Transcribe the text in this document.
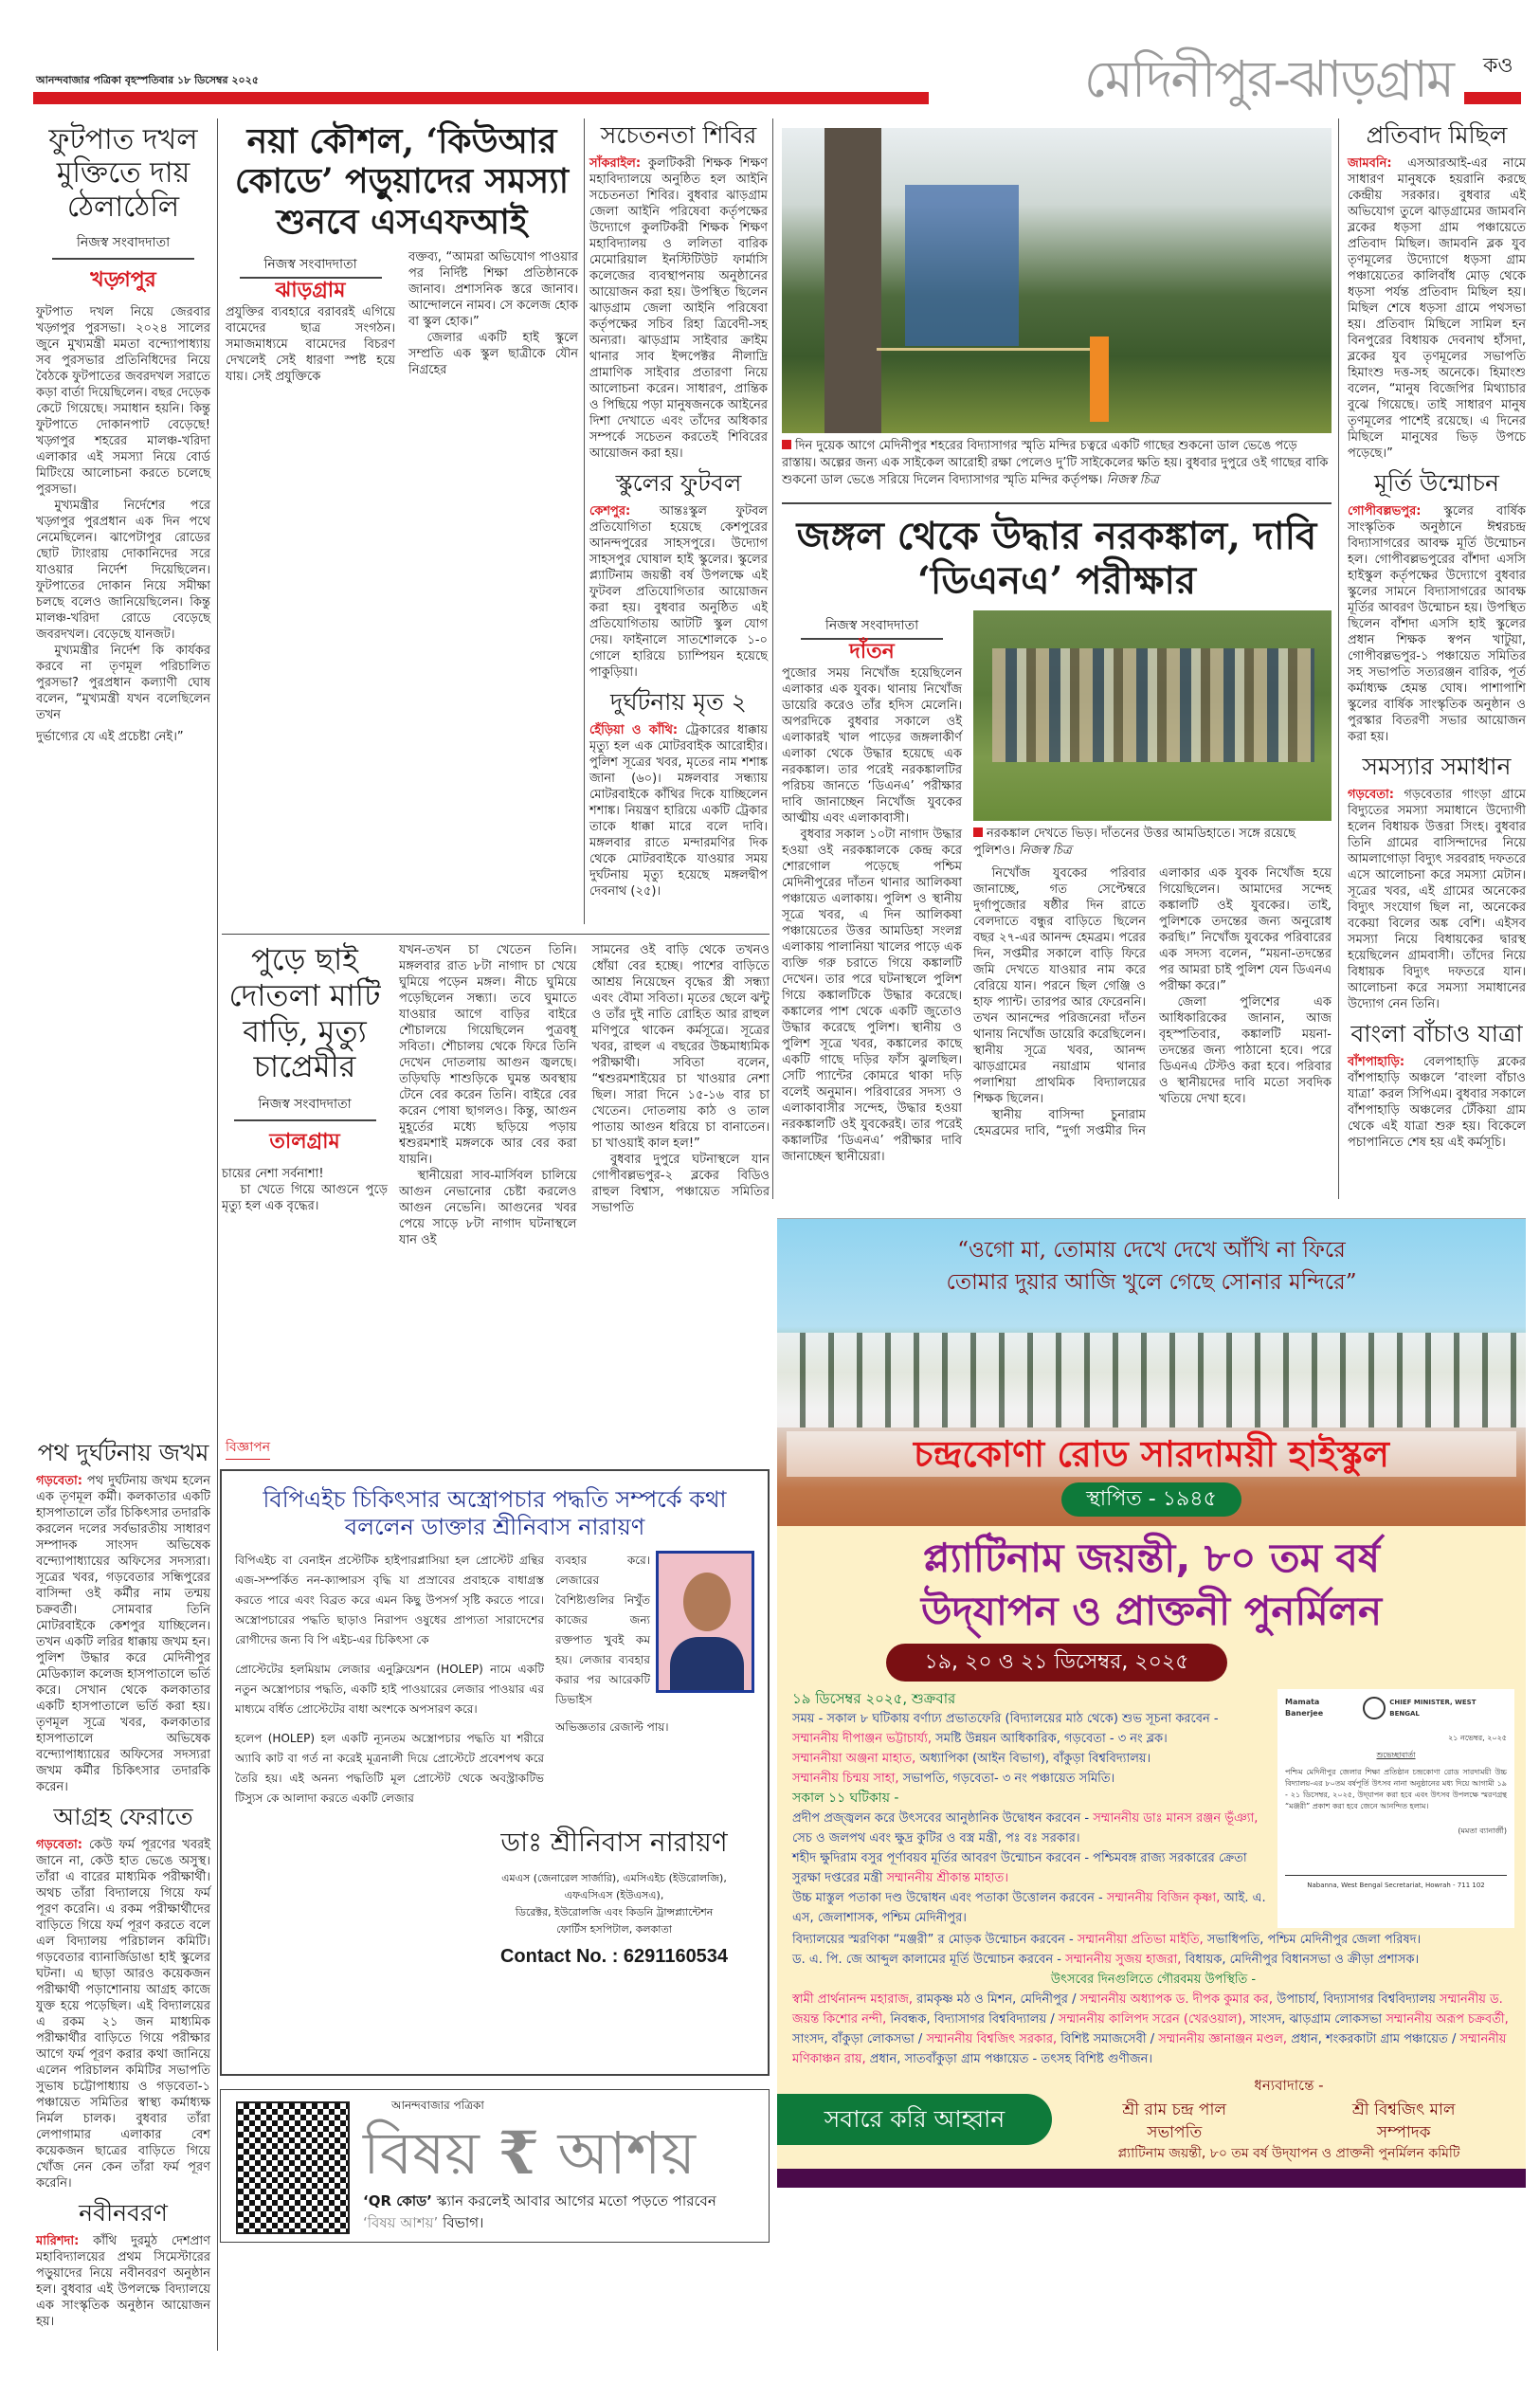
আনন্দবাজার পত্রিকা বৃহস্পতিবার ১৮ ডিসেম্বর ২০২৫	মেদিনীপুর-ঝাড়গ্রাম কও
ফুটপাত দখল মুক্তিতে দায় ঠেলাঠেলি
নিজস্ব সংবাদদাতা
খড়্গপুর

ফুটপাত দখল নিয়ে জেরবার খড়্গপুর পুরসভা। ২০২৪ সালের জুনে মুখ্যমন্ত্রী মমতা বন্দ্যোপাধ্যায় সব পুরসভার প্রতিনিধিদের নিয়ে বৈঠকে ফুটপাতের জবরদখল সরাতে কড়া বার্তা দিয়েছিলেন। বছর দেড়েক কেটে গিয়েছে। সমাধান হয়নি। কিন্তু ফুটপাতে দোকানপাট বেড়েছে! খড়্গপুর শহরের মালঞ্চ-খরিদা এলাকার এই সমস্যা নিয়ে বোর্ড মিটিংয়ে আলোচনা করতে চলেছে পুরসভা।

মুখ্যমন্ত্রীর নির্দেশের পরে খড়্গপুর পুরপ্রধান এক দিন পথে নেমেছিলেন। ঝাপেটাপুর রোডের ছোট ট্যাংরায় দোকানিদের সরে যাওয়ার নির্দেশ দিয়েছিলেন। ফুটপাতের দোকান নিয়ে সমীক্ষা চলছে বলেও জানিয়েছিলেন। কিন্তু মালঞ্চ-খরিদা রোডে বেড়েছে জবরদখল। বেড়েছে যানজট।

মুখ্যমন্ত্রীর নির্দেশ কি কার্যকর করবে না তৃণমূল পরিচালিত পুরসভা? পুরপ্রধান কল্যাণী ঘোষ বলেন, “মুখ্যমন্ত্রী যখন বলেছিলেন তখন

দুর্ভাগ্যের যে এই প্রচেষ্টা নেই।”

পথ দুর্ঘটনায় জখম
গড়বেতা: পথ দুর্ঘটনায় জখম হলেন এক তৃণমূল কর্মী। কলকাতার একটি হাসপাতালে তাঁর চিকিৎসার তদারকি করলেন দলের সর্বভারতীয় সাধারণ সম্পাদক সাংসদ অভিষেক বন্দ্যোপাধ্যায়ের অফিসের সদস্যরা। সূত্রের খবর, গড়বেতার সন্ধিপুরের বাসিন্দা ওই কর্মীর নাম তন্ময় চক্রবর্তী। সোমবার তিনি মোটরবাইকে কেশপুর যাচ্ছিলেন। তখন একটি লরির ধাক্কায় জখম হন। পুলিশ উদ্ধার করে মেদিনীপুর মেডিক্যাল কলেজ হাসপাতালে ভর্তি করে। সেখান থেকে কলকাতার একটি হাসপাতালে ভর্তি করা হয়। তৃণমূল সূত্রে খবর, কলকাতার হাসপাতালে অভিষেক বন্দ্যোপাধ্যায়ের অফিসের সদস্যরা জখম কর্মীর চিকিৎসার তদারকি করেন।
আগ্রহ ফেরাতে
গড়বেতা: কেউ ফর্ম পূরণের খবরই জানে না, কেউ হাত ভেঙে অসুস্থ। তাঁরা এ বারের মাধ্যমিক পরীক্ষার্থী। অথচ তাঁরা বিদ্যালয়ে গিয়ে ফর্ম পূরণ করেনি। এ রকম পরীক্ষার্থীদের বাড়িতে গিয়ে ফর্ম পূরণ করতে বলে এল বিদ্যালয় পরিচালন কমিটি। গড়বেতার ব্যানার্জিডাঙা হাই স্কুলের ঘটনা। এ ছাড়া আরও কয়েকজন পরীক্ষার্থী পড়াশোনায় আগ্রহ কাজে যুক্ত হয়ে পড়েছিল। এই বিদ্যালয়ের এ রকম ২১ জন মাধ্যমিক পরীক্ষার্থীর বাড়িতে গিয়ে পরীক্ষার আগে ফর্ম পূরণ করার কথা জানিয়ে এলেন পরিচালন কমিটির সভাপতি সুভাষ চট্টোপাধ্যায় ও গড়বেতা-১ পঞ্চায়েত সমিতির স্বাস্থ্য কর্মাধ্যক্ষ নির্মল চালক। বুধবার তাঁরা লেপাগামার এলাকার বেশ কয়েকজন ছাত্রের বাড়িতে গিয়ে খোঁজ নেন কেন তাঁরা ফর্ম পূরণ করেনি।
নবীনবরণ
মারিশদা: কাঁথি দুরমুঠ দেশপ্রাণ মহাবিদ্যালয়ের প্রথম সিমেস্টারের পড়ুয়াদের নিয়ে নবীনবরণ অনুষ্ঠান হল। বুধবার এই উপলক্ষে বিদ্যালয়ে এক সাংস্কৃতিক অনুষ্ঠান আয়োজন হয়।
নয়া কৌশল, ‘কিউআর কোডে’ পড়ুয়াদের সমস্যা শুনবে এসএফআই
নিজস্ব সংবাদদাতা
ঝাড়গ্রাম

প্রযুক্তির ব্যবহারে বরাবরই এগিয়ে বামেদের ছাত্র সংগঠন। সমাজমাধ্যমে বামেদের বিচরণ দেখলেই সেই ধারণা স্পষ্ট হয়ে যায়। সেই প্রযুক্তিকে

বক্তব্য, “আমরা অভিযোগ পাওয়ার পর নির্দিষ্ট শিক্ষা প্রতিষ্ঠানকে জানাব। প্রশাসনিক স্তরে জানাব। আন্দোলনে নামব। সে কলেজ হোক বা স্কুল হোক।”

জেলার একটি হাই স্কুলে সম্প্রতি এক স্কুল ছাত্রীকে যৌন নিগ্রহের

সচেতনতা শিবির
সাঁকরাইল: কুলটিকরী শিক্ষক শিক্ষণ মহাবিদ্যালয়ে অনুষ্ঠিত হল আইনি সচেতনতা শিবির। বুধবার ঝাড়গ্রাম জেলা আইনি পরিষেবা কর্তৃপক্ষের উদ্যোগে কুলটিকরী শিক্ষক শিক্ষণ মহাবিদ্যালয় ও ললিতা বারিক মেমোরিয়াল ইনস্টিটিউট ফার্মাসি কলেজের ব্যবস্থাপনায় অনুষ্ঠানের আয়োজন করা হয়। উপস্থিত ছিলেন ঝাড়গ্রাম জেলা আইনি পরিষেবা কর্তৃপক্ষের সচিব রিহা ত্রিবেদী-সহ অন্যরা। ঝাড়গ্রাম সাইবার ক্রাইম থানার সাব ইন্সপেক্টর নীলাদ্রি প্রামাণিক সাইবার প্রতারণা নিয়ে আলোচনা করেন। সাধারণ, প্রান্তিক ও পিছিয়ে পড়া মানুষজনকে আইনের দিশা দেখাতে এবং তাঁদের অধিকার সম্পর্কে সচেতন করতেই শিবিরের আয়োজন করা হয়।
স্কুলের ফুটবল
কেশপুর: আন্তঃস্কুল ফুটবল প্রতিযোগিতা হয়েছে কেশপুরের আনন্দপুরের সাহসপুরে। উদ্যোগ সাহসপুর ঘোষাল হাই স্কুলের। স্কুলের প্ল্যাটিনাম জয়ন্তী বর্ষ উপলক্ষে এই ফুটবল প্রতিযোগিতার আয়োজন করা হয়। বুধবার অনুষ্ঠিত এই প্রতিযোগিতায় আটটি স্কুল যোগ দেয়। ফাইনালে সাতশোলকে ১-০ গোলে হারিয়ে চ্যাম্পিয়ন হয়েছে পাকুড়িয়া।
দুর্ঘটনায় মৃত ২
হেঁড়িয়া ও কাঁথি: ট্রেকারের ধাক্কায় মৃত্যু হল এক মোটরবাইক আরোহীর। পুলিশ সূত্রের খবর, মৃতের নাম শশাঙ্ক জানা (৬০)। মঙ্গলবার সন্ধ্যায় মোটরবাইকে কাঁথির দিকে যাচ্ছিলেন শশাঙ্ক। নিয়ন্ত্রণ হারিয়ে একটি ট্রেকার তাকে ধাক্কা মারে বলে দাবি। মঙ্গলবার রাতে মন্দারমণির দিক থেকে মোটরবাইকে যাওয়ার সময় দুর্ঘটনায় মৃত্যু হয়েছে মঙ্গলদ্বীপ দেবনাথ (২৫)।
পুড়ে ছাই দোতলা মাটি বাড়ি, মৃত্যু চাপ্রেমীর
নিজস্ব সংবাদদাতা
তালগ্রাম

চায়ের নেশা সর্বনাশা!

চা খেতে গিয়ে আগুনে পুড়ে মৃত্যু হল এক বৃদ্ধের।

যখন-তখন চা খেতেন তিনি। মঙ্গলবার রাত ৮টা নাগাদ চা খেয়ে ঘুমিয়ে পড়েন মঙ্গল। নীচে ঘুমিয়ে পড়েছিলেন সন্ধ্যা। তবে ঘুমাতে যাওয়ার আগে বাড়ির বাইরে শৌচালয়ে গিয়েছিলেন পুত্রবধূ সবিতা। শৌচালয় থেকে ফিরে তিনি দেখেন দোতলায় আগুন জ্বলছে। তড়িঘড়ি শাশুড়িকে ঘুমন্ত অবস্থায় টেনে বের করেন তিনি। বাইরে বের করেন পোষা ছাগলও। কিন্তু, আগুন মুহূর্তের মধ্যে ছড়িয়ে পড়ায় শ্বশুরমশাই মঙ্গলকে আর বের করা যায়নি।

স্থানীয়েরা সাব-মার্সিবল চালিয়ে আগুন নেভানোর চেষ্টা করলেও আগুন নেভেনি। আগুনের খবর পেয়ে সাড়ে ৮টা নাগাদ ঘটনাস্থলে যান ওই

সামনের ওই বাড়ি থেকে তখনও ধোঁয়া বের হচ্ছে। পাশের বাড়িতে আশ্রয় নিয়েছেন বৃদ্ধের স্ত্রী সন্ধ্যা এবং বৌমা সবিতা। মৃতের ছেলে ঝন্টু ও তাঁর দুই নাতি রোহিত আর রাহুল মণিপুরে থাকেন কর্মসূত্রে। সূত্রের খবর, রাহুল এ বছরের উচ্চমাধ্যমিক পরীক্ষার্থী। সবিতা বলেন, “শ্বশুরমশাইয়ের চা খাওয়ার নেশা ছিল। সারা দিনে ১৫-১৬ বার চা খেতেন। দোতলায় কাঠ ও তাল পাতায় আগুন ধরিয়ে চা বানাতেন। চা খাওয়াই কাল হল!”

বুধবার দুপুরে ঘটনাস্থলে যান গোপীবল্লভপুর-২ ব্লকের বিডিও রাহুল বিশ্বাস, পঞ্চায়েত সমিতির সভাপতি

বিজ্ঞাপন
বিপিএইচ চিকিৎসার অস্ত্রোপচার পদ্ধতি সম্পর্কে কথা বললেন ডাক্তার শ্রীনিবাস নারায়ণ

বিপিএইচ বা বেনাইন প্রস্টেটিক হাইপারপ্লাসিয়া হল প্রোস্টেট গ্রন্থির এজ-সম্পর্কিত নন-ক্যান্সারস বৃদ্ধি যা প্রস্রাবের প্রবাহকে বাধাগ্রস্ত করতে পারে এবং বিব্রত করে এমন কিছু উপসর্গ সৃষ্টি করতে পারে। অস্ত্রোপচারের পদ্ধতি ছাড়াও নিরাপদ ওষুধের প্রাপ্যতা সারাদেশের রোগীদের জন্য বি পি এইচ-এর চিকিৎসা কে

প্রোস্টেটের হলমিয়াম লেজার এনুক্লিয়েশন (HOLEP) নামে একটি নতুন অস্ত্রোপচার পদ্ধতি, একটি হাই পাওয়ারের লেজার পাওয়ার এর মাধ্যমে বর্ধিত প্রোস্টেটের বাধা অংশকে অপসারণ করে।

হলেপ (HOLEP) হল একটি ন্যূনতম অস্ত্রোপচার পদ্ধতি যা শরীরে অ্যাবি কাট বা গর্ত না করেই মূত্রনালী দিয়ে প্রোস্টেটে প্রবেশপথ করে তৈরি হয়। এই অনন্য পদ্ধতিটি মূল প্রোস্টেট থেকে অবস্ট্রাকটিভ টিস্যুস কে আলাদা করতে একটি লেজার

ব্যবহার করে। লেজারের বৈশিষ্ট্যগুলির নিখুঁত কাজের জন্য রক্তপাত খুবই কম হয়। লেজার ব্যবহার করার পর আরেকটি ডিভাইস
অভিজ্ঞতার রেজাল্ট পায়।
ডাঃ শ্রীনিবাস নারায়ণ
এমএস (জেনারেল সার্জারি), এমসিএইচ (ইউরোলজি),
এফএসিএস (ইউএসএ),
ডিরেক্টর, ইউরোলজি এবং কিডনি ট্রান্সপ্ল্যান্টেশন
ফোর্টিস হসপিটাল, কলকাতা
Contact No. : 6291160534
আনন্দবাজার পত্রিকা
বিষয় ₹ আশয়
‘QR কোড’ স্ক্যান করলেই আবার আগের মতো পড়তে পারবেন ‘বিষয় আশয়’ বিভাগ।
দিন দুয়েক আগে মেদিনীপুর শহরের বিদ্যাসাগর স্মৃতি মন্দির চত্বরে একটি গাছের শুকনো ডাল ভেঙে পড়ে রাস্তায়। অল্পের জন্য এক সাইকেল আরোহী রক্ষা পেলেও দু’টি সাইকেলের ক্ষতি হয়। বুধবার দুপুরে ওই গাছের বাকি শুকনো ডাল ভেঙে সরিয়ে দিলেন বিদ্যাসাগর স্মৃতি মন্দির কর্তৃপক্ষ। নিজস্ব চিত্র
প্রতিবাদ মিছিল
জামবনি: এসআরআই-এর নামে সাধারণ মানুষকে হয়রানি করছে কেন্দ্রীয় সরকার। বুধবার এই অভিযোগ তুলে ঝাড়গ্রামের জামবনি ব্লকের ধড়সা গ্রাম পঞ্চায়েতে প্রতিবাদ মিছিল। জামবনি ব্লক যুব তৃণমূলের উদ্যোগে ধড়সা গ্রাম পঞ্চায়েতের কালিবাঁধ মোড় থেকে ধড়সা পর্যন্ত প্রতিবাদ মিছিল হয়। মিছিল শেষে ধড়সা গ্রামে পথসভা হয়। প্রতিবাদ মিছিলে সামিল হন বিনপুরের বিধায়ক দেবনাথ হাঁসদা, ব্লকের যুব তৃণমূলের সভাপতি হিমাংশু দত্ত-সহ অনেকে। হিমাংশু বলেন, “মানুষ বিজেপির মিথ্যাচার বুঝে গিয়েছে। তাই সাধারণ মানুষ তৃণমূলের পাশেই রয়েছে। এ দিনের মিছিলে মানুষের ভিড় উপচে পড়েছে।”
মূর্তি উন্মোচন
গোপীবল্লভপুর: স্কুলের বার্ষিক সাংস্কৃতিক অনুষ্ঠানে ঈশ্বরচন্দ্র বিদ্যাসাগরের আবক্ষ মূর্তি উন্মোচন হল। গোপীবল্লভপুরের বাঁশদা এসসি হাইস্কুল কর্তৃপক্ষের উদ্যোগে বুধবার স্কুলের সামনে বিদ্যাসাগরের আবক্ষ মূর্তির আবরণ উন্মোচন হয়। উপস্থিত ছিলেন বাঁশদা এসসি হাই স্কুলের প্রধান শিক্ষক স্বপন খাটুয়া, গোপীবল্লভপুর-১ পঞ্চায়েত সমিতির সহ সভাপতি সত্যরঞ্জন বারিক, পূর্ত কর্মাধ্যক্ষ হেমন্ত ঘোষ। পাশাপাশি স্কুলের বার্ষিক সাংস্কৃতিক অনুষ্ঠান ও পুরস্কার বিতরণী সভার আয়োজন করা হয়।
সমস্যার সমাধান
গড়বেতা: গড়বেতার গাংড়া গ্রামে বিদ্যুতের সমস্যা সমাধানে উদ্যোগী হলেন বিধায়ক উত্তরা সিংহ। বুধবার তিনি গ্রামের বাসিন্দাদের নিয়ে আমলাগোড়া বিদ্যুৎ সরবরাহ দফতরে এসে আলোচনা করে সমস্যা মেটান। সূত্রের খবর, এই গ্রামের অনেকের বিদ্যুৎ সংযোগ ছিল না, অনেকের বকেয়া বিলের অঙ্ক বেশি। এইসব সমস্যা নিয়ে বিধায়কের দ্বারস্থ হয়েছিলেন গ্রামবাসী। তাঁদের নিয়ে বিধায়ক বিদ্যুৎ দফতরে যান। আলোচনা করে সমস্যা সমাধানের উদ্যোগ নেন তিনি।
বাংলা বাঁচাও যাত্রা
বাঁশপাহাড়ি: বেলপাহাড়ি ব্লকের বাঁশপাহাড়ি অঞ্চলে ‘বাংলা বাঁচাও যাত্রা’ করল সিপিএম। বুধবার সকালে বাঁশপাহাড়ি অঞ্চলের টেঁকিয়া গ্রাম থেকে এই যাত্রা শুরু হয়। বিকেলে পচাপানিতে শেষ হয় এই কর্মসূচি।
জঙ্গল থেকে উদ্ধার নরকঙ্কাল, দাবি ‘ডিএনএ’ পরীক্ষার
নিজস্ব সংবাদদাতা
দাঁতন

পুজোর সময় নিখোঁজ হয়েছিলেন এলাকার এক যুবক। থানায় নিখোঁজ ডায়েরি করেও তাঁর হদিস মেলেনি। অপরদিকে বুধবার সকালে ওই এলাকারই খাল পাড়ের জঙ্গলাকীর্ণ এলাকা থেকে উদ্ধার হয়েছে এক নরকঙ্কাল। তার পরেই নরকঙ্কালটির পরিচয় জানতে ‘ডিএনএ’ পরীক্ষার দাবি জানাচ্ছেন নিখোঁজ যুবকের আত্মীয় এবং এলাকাবাসী।

বুধবার সকাল ১০টা নাগাদ উদ্ধার হওয়া ওই নরকঙ্কালকে কেন্দ্র করে শোরগোল পড়েছে পশ্চিম মেদিনীপুরের দাঁতন থানার আলিকষা পঞ্চায়েত এলাকায়। পুলিশ ও স্থানীয় সূত্রে খবর, এ দিন আলিকষা পঞ্চায়েতের উত্তর আমডিহা সংলগ্ন এলাকায় পালানিয়া খালের পাড়ে এক ব্যক্তি গরু চরাতে গিয়ে কঙ্কালটি দেখেন। তার পরে ঘটনাস্থলে পুলিশ গিয়ে কঙ্কালটিকে উদ্ধার করেছে। কঙ্কালের পাশ থেকে একটি জুতোও উদ্ধার করেছে পুলিশ। স্থানীয় ও পুলিশ সূত্রে খবর, কঙ্কালের কাছে একটি গাছে দড়ির ফাঁস ঝুলছিল। সেটি প্যান্টের কোমরে থাকা দড়ি বলেই অনুমান। পরিবারের সদস্য ও এলাকাবাসীর সন্দেহ, উদ্ধার হওয়া নরকঙ্কালটি ওই যুবকেরই। তার পরেই কঙ্কালটির ‘ডিএনএ’ পরীক্ষার দাবি জানাচ্ছেন স্থানীয়েরা।

নরকঙ্কাল দেখতে ভিড়। দাঁতনের উত্তর আমডিহাতে। সঙ্গে রয়েছে পুলিশও। নিজস্ব চিত্র

নিখোঁজ যুবকের পরিবার জানাচ্ছে, গত সেপ্টেম্বরে দুর্গাপুজোর ষষ্ঠীর দিন রাতে বেলদাতে বন্ধুর বাড়িতে ছিলেন বছর ২৭-এর আনন্দ হেমব্রম। পরের দিন, সপ্তমীর সকালে বাড়ি ফিরে জমি দেখতে যাওয়ার নাম করে বেরিয়ে যান। পরনে ছিল গেঞ্জি ও হাফ প্যান্ট। তারপর আর ফেরেননি। তখন আনন্দের পরিজনেরা দাঁতন থানায় নিখোঁজ ডায়েরি করেছিলেন। স্থানীয় সূত্রে খবর, আনন্দ ঝাড়গ্রামের নয়াগ্রাম থানার পলাশিয়া প্রাথমিক বিদ্যালয়ের শিক্ষক ছিলেন।

স্থানীয় বাসিন্দা চুনারাম হেমব্রমের দাবি, “দুর্গা সপ্তমীর দিন এলাকার এক যুবক নিখোঁজ হয়ে গিয়েছিলেন। আমাদের সন্দেহ কঙ্কালটি ওই যুবকের। তাই, পুলিশকে তদন্তের জন্য অনুরোধ করছি।” নিখোঁজ যুবকের পরিবারের এক সদস্য বলেন, “ময়না-তদন্তের পর আমরা চাই পুলিশ যেন ডিএনএ পরীক্ষা করে।”

জেলা পুলিশের এক আধিকারিকের জানান, আজ বৃহস্পতিবার, কঙ্কালটি ময়না-তদন্তের জন্য পাঠানো হবে। পরে ডিএনএ টেস্টও করা হবে। পরিবার ও স্থানীয়দের দাবি মতো সবদিক খতিয়ে দেখা হবে।

“ওগো মা, তোমায় দেখে দেখে আঁখি না ফিরে
তোমার দুয়ার আজি খুলে গেছে সোনার মন্দিরে”
চন্দ্রকোণা রোড সারদাময়ী হাইস্কুল
স্থাপিত - ১৯৪৫
প্ল্যাটিনাম জয়ন্তী, ৮০ তম বর্ষ
উদ্‌যাপন ও প্রাক্তনী পুনর্মিলন
১৯, ২০ ও ২১ ডিসেম্বর, ২০২৫
১৯ ডিসেম্বর ২০২৫, শুক্রবার
সময় - সকাল ৮ ঘটিকায় বর্ণাঢ্য প্রভাতফেরি (বিদ্যালয়ের মাঠ থেকে) শুভ সূচনা করবেন -
সম্মাননীয় দীপাঞ্জন ভট্টাচার্য্য, সমষ্টি উন্নয়ন আধিকারিক, গড়বেতা - ৩ নং ব্লক।
সম্মাননীয়া অঞ্জনা মাহাত, অধ্যাপিকা (আইন বিভাগ), বাঁকুড়া বিশ্ববিদ্যালয়।
সম্মাননীয় চিন্ময় সাহা, সভাপতি, গড়বেতা- ৩ নং পঞ্চায়েত সমিতি।
সকাল ১১ ঘটিকায় -
প্রদীপ প্রজ্জ্বলন করে উৎসবের আনুষ্ঠানিক উদ্বোধন করবেন - সম্মাননীয় ডাঃ মানস রঞ্জন ভূঁঞ্যা, সেচ ও জলপথ এবং ক্ষুদ্র কুটির ও বস্ত্র মন্ত্রী, পঃ বঃ সরকার।
শহীদ ক্ষুদিরাম বসুর পূর্ণাবয়ব মূর্তির আবরণ উন্মোচন করবেন - পশ্চিমবঙ্গ রাজ্য সরকারের ক্রেতা সুরক্ষা দপ্তরের মন্ত্রী সম্মাননীয় শ্রীকান্ত মাহাত।
উচ্চ মাস্তুল পতাকা দণ্ড উদ্বোধন এবং পতাকা উত্তোলন করবেন - সম্মাননীয় বিজিন কৃষ্ণা, আই. এ. এস, জেলাশাসক, পশ্চিম মেদিনীপুর।
Mamata Banerjee
CHIEF MINISTER, WEST BENGAL
২১ নভেম্বর, ২০২৫
শুভেচ্ছাবার্তা
পশ্চিম মেদিনীপুর জেলার শিক্ষা প্রতিষ্ঠান চন্দ্রকোণা রোড সারদাময়ী উচ্চ বিদ্যালয়-এর ৮০তম বর্ষপূর্তি উৎসব নানা অনুষ্ঠানের মধ্য দিয়ে আগামী ১৯ - ২১ ডিসেম্বর, ২০২৫, উদ্‌যাপন করা হবে এবং উৎসব উপলক্ষে স্মরণগ্রন্থ “মঞ্জরী” প্রকাশ করা হবে জেনে আনন্দিত হলাম।
(মমতা ব্যানার্জী)
Nabanna, West Bengal Secretariat, Howrah - 711 102
বিদ্যালয়ের স্মরণিকা “মঞ্জরী” র মোড়ক উন্মোচন করবেন - সম্মাননীয়া প্রতিভা মাইতি, সভাধিপতি, পশ্চিম মেদিনীপুর জেলা পরিষদ।
ড. এ. পি. জে আব্দুল কালামের মূর্তি উন্মোচন করবেন - সম্মাননীয় সুজয় হাজরা, বিধায়ক, মেদিনীপুর বিধানসভা ও ক্রীড়া প্রশাসক।
উৎসবের দিনগুলিতে গৌরবময় উপস্থিতি -
স্বামী প্রার্থনানন্দ মহারাজ, রামকৃষ্ণ মঠ ও মিশন, মেদিনীপুর / সম্মাননীয় অধ্যাপক ড. দীপক কুমার কর, উপাচার্য, বিদ্যাসাগর বিশ্ববিদ্যালয় সম্মাননীয় ড. জয়ন্ত কিশোর নন্দী, নিবন্ধক, বিদ্যাসাগর বিশ্ববিদ্যালয় / সম্মাননীয় কালিপদ সরেন (খেরওয়াল), সাংসদ, ঝাড়গ্রাম লোকসভা সম্মাননীয় অরূপ চক্রবর্তী, সাংসদ, বাঁকুড়া লোকসভা / সম্মাননীয় বিশ্বজিৎ সরকার, বিশিষ্ট সমাজসেবী / সম্মাননীয় জ্ঞানাঞ্জন মণ্ডল, প্রধান, শংকরকাটা গ্রাম পঞ্চায়েত / সম্মাননীয় মণিকাঞ্চন রায়, প্রধান, সাতবাঁকুড়া গ্রাম পঞ্চায়েত - তৎসহ বিশিষ্ট গুণীজন।
সবারে করি আহ্বান
ধন্যবাদান্তে -
শ্রী রাম চন্দ্র পাল
সভাপতি
শ্রী বিশ্বজিৎ মাল
সম্পাদক
প্ল্যাটিনাম জয়ন্তী, ৮০ তম বর্ষ উদ্‌যাপন ও প্রাক্তনী পুনর্মিলন কমিটি
